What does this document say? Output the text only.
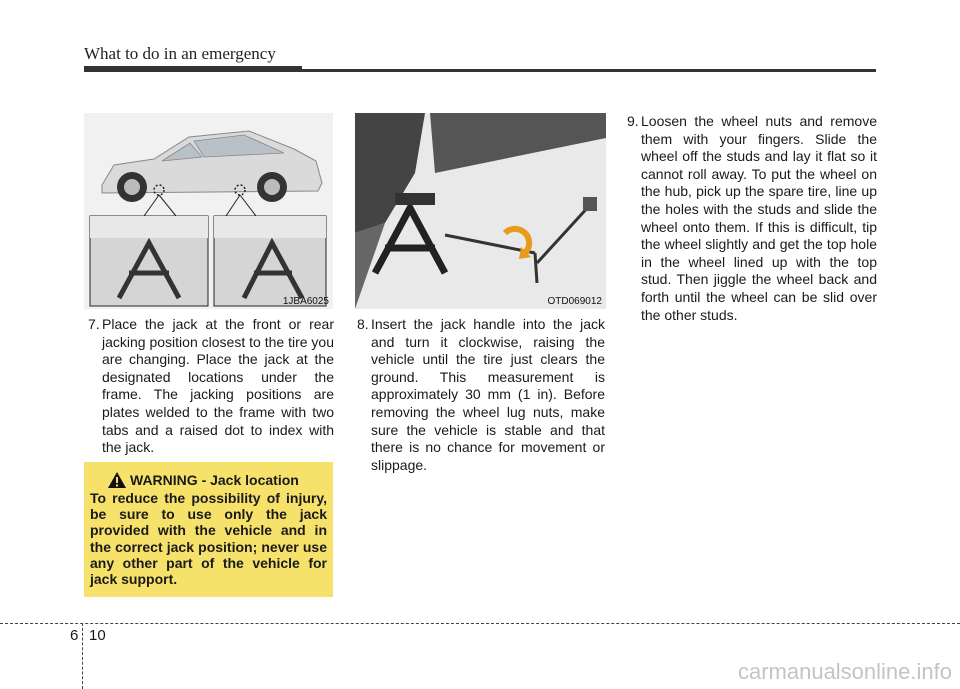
What to do in an emergency
1JBA6025	OTD069012
7. Place the jack at the front or rear jacking position closest to the tire you are changing. Place the jack at the designated locations under the frame. The jacking positions are plates welded to the frame with two tabs and a raised dot to index with the jack.
8. Insert the jack handle into the jack and turn it clockwise, raising the vehicle until the tire just clears the ground. This measurement is approximately 30 mm (1 in). Before removing the wheel lug nuts, make sure the vehicle is stable and that there is no chance for movement or slippage.
9. Loosen the wheel nuts and remove them with your fingers. Slide the wheel off the studs and lay it flat so it cannot roll away. To put the wheel on the hub, pick up the spare tire, line up the holes with the studs and slide the wheel onto them. If this is difficult, tip the wheel slightly and get the top hole in the wheel lined up with the top stud. Then jiggle the wheel back and forth until the wheel can be slid over the other studs.
WARNING - Jack location
To reduce the possibility of injury, be sure to use only the jack provided with the vehicle and in the correct jack position; never use any other part of the vehicle for jack support.
6 10
carmanualsonline.info
